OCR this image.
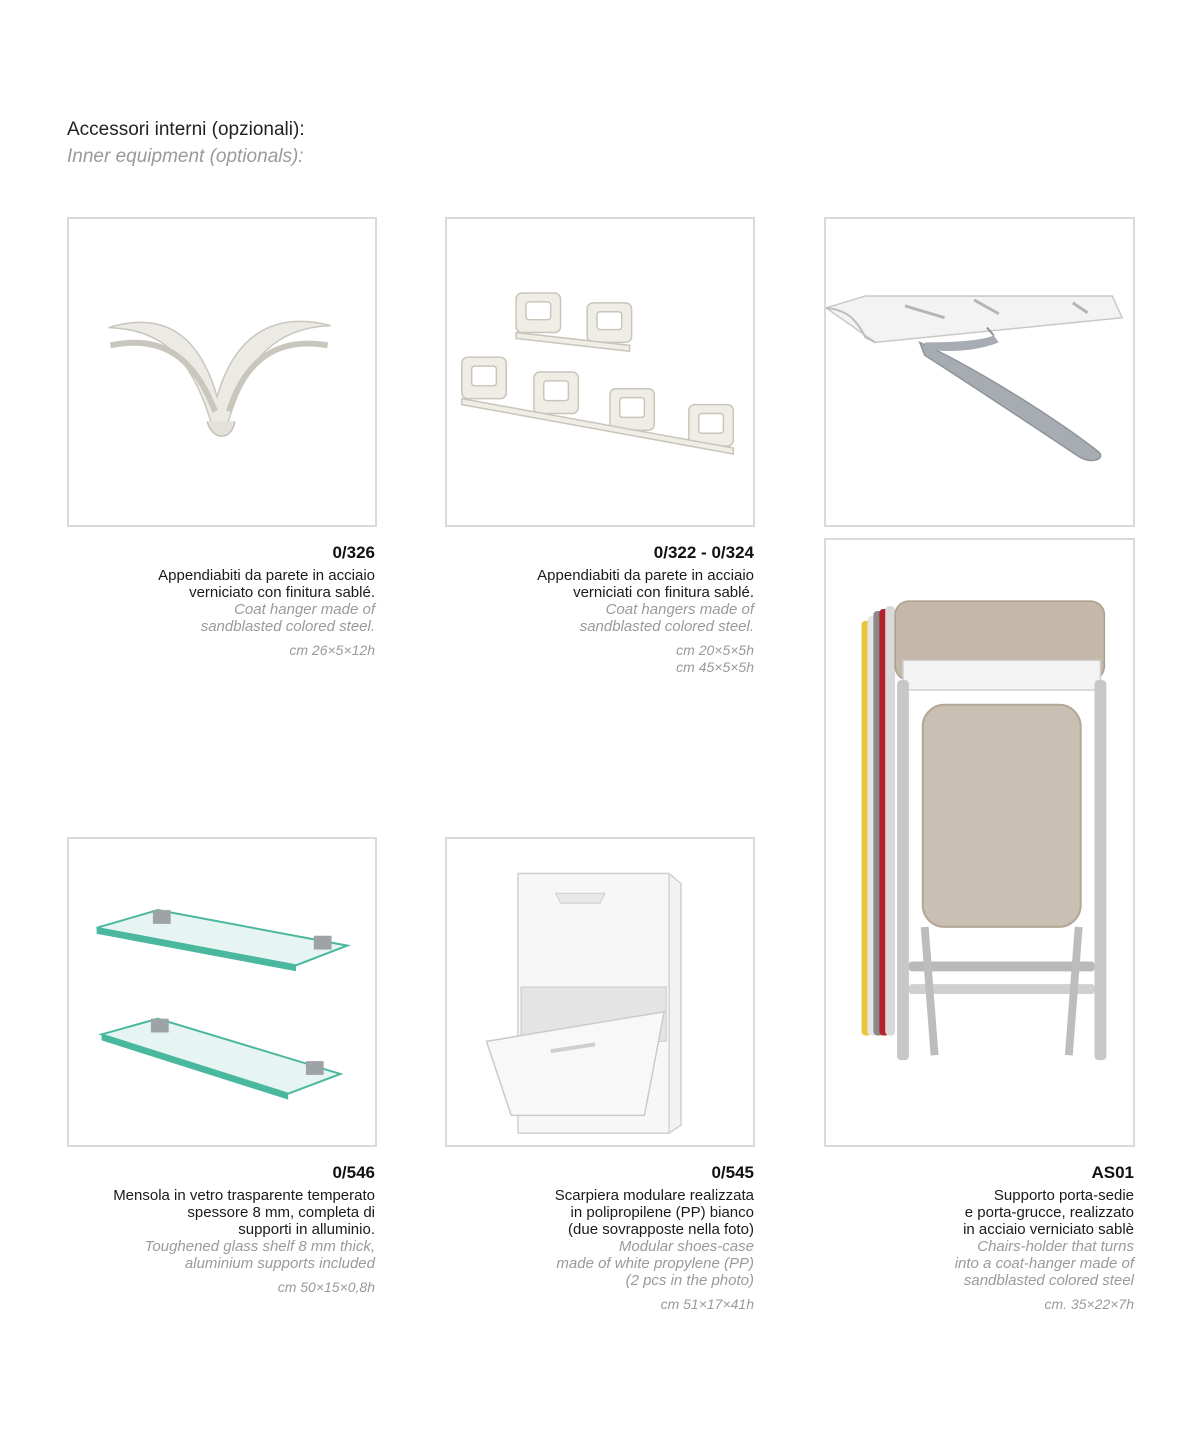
Accessori interni (opzionali):
Inner equipment (optionals):
0/326
Appendiabiti da parete in acciaio
verniciato con finitura sablé.
Coat hanger made of
sandblasted colored steel.
cm 26×5×12h
0/322 - 0/324
Appendiabiti da parete in acciaio
verniciati con finitura sablé.
Coat hangers made of
sandblasted colored steel.
cm 20×5×5h
cm 45×5×5h
0/546
Mensola in vetro trasparente temperato
spessore 8 mm, completa di
supporti in alluminio.
Toughened glass shelf 8 mm thick,
aluminium supports included
cm 50×15×0,8h
0/545
Scarpiera modulare realizzata
in polipropilene (PP) bianco
(due sovrapposte nella foto)
Modular shoes-case
made of white propylene (PP)
(2 pcs in the photo)
cm 51×17×41h
AS01
Supporto porta-sedie
e porta-grucce, realizzato
in acciaio verniciato sablè
Chairs-holder that turns
into a coat-hanger made of
sandblasted colored steel
cm. 35×22×7h
